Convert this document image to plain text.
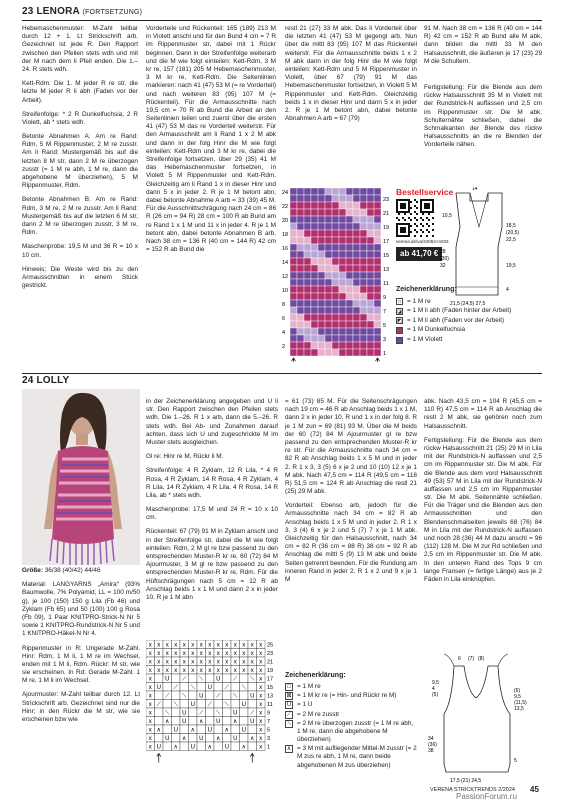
23 LENORA (FORTSETZUNG)

Hebemaschenmuster: M-Zahl teilbar durch 12 + 1. Lt Strickschrift arb. Gezeichnet ist jede R. Den Rapport zwischen den Pfeilen stets wdh und mit der M nach dem li Pfeil enden. Die 1.–24. R stets wdh.

Kett-Rdm: Die 1. M jeder R re str. die letzte M jeder R li abh (Faden vor der Arbeit).

Streifenfolge: * 2 R Dunkelfuchsia, 2 R Violett, ab * stets wdh.

Betonte Abnahmen A: Am re Rand: Rdm, 5 M Rippenmuster, 2 M re zusstr. Am li Rand: Mustergemäß bis auf die letzten 8 M str, dann 2 M re überzogen zusstr (= 1 M re abh, 1 M re, dann die abgehobene M überziehen), 5 M Rippenmuster, Rdm.

Betonte Abnahmen B: Am re Rand: Rdm, 3 M re, 2 M re zusstr. Am li Rand: Mustergemäß bis auf die letzten 6 M str, dann 2 M re überzogen zusstr, 3 M re, Rdm.

Maschenprobe: 19,5 M und 36 R = 10 x 10 cm.

Hinweis: Die Weste wird bis zu den Armausschnitten in einem Stück gestrickt.

Vorderteile und Rückenteil: 165 (189) 213 M in Violett anschl und für den Bund 4 cm = 7 R im Rippenmuster str, dabei mit 1 Rückr beginnen. Dann in der Streifenfolge weiterarb und die M wie folgt einteilen: Kett-Rdm, 3 M kr re, 157 (181) 205 M Hebemaschenmuster, 3 M kr re, Kett-Rdm. Die Seitenlinien markieren: nach 41 (47) 53 M (= re Vorderteil) und nach weiteren 83 (95) 107 M (= Rückenteil). Für die Armausschnitte nach 19,5 cm = 70 R ab Bund die Arbeit an den Seitenlinien teilen und zuerst über die ersten 41 (47) 53 M das re Vorderteil weiterstr. Für den Armausschnitt am li Rand 1 x 2 M abk und dann in der folg Hinr die M wie folgt einteilen: Kett-Rdm und 3 M kr re, dabei die Streifenfolge fortsetzen, über 29 (35) 41 M das Hebemaschenmuster fortsetzen, in Violett 5 M Rippenmuster und Kett-Rdm. Gleichzeitig am li Rand 1 x in dieser Hinr und dann 5 x in jeder 2. R je 1 M betont abn, dabei betonte Abnahme A arb = 33 (39) 45 M. Für die Ausschnittschrägung nach 24 cm = 86 R (26 cm = 94 R) 28 cm = 100 R ab Bund am re Rand 1 x 1 M und 11 x in jeder 4. R je 1 M betont abn, dabei betonte Abnahmen B arb. Nach 38 cm = 136 R (40 cm = 144 R) 42 cm = 152 R ab Bund die

restl 21 (27) 33 M abk. Das li Vorderteil über die letzten 41 (47) 53 M gegengl arb. Nun über die mittl 83 (95) 107 M das Rückenteil weiterstr. Für die Armausschnitte beids 1 x 2 M abk dann in der folg Hinr die M wie folgt einteilen: Kett-Rdm und 5 M Rippenmuster in Violett, über 67 (79) 91 M das Hebemaschenmuster fortsetzen, in Violett 5 M Rippenmuster und Kett-Rdm. Gleichzeitig beids 1 x in dieser Hinr und dann 5 x in jeder 2. R je 1 M betont abn, dabei betonte Abnahmen A arb = 67 (79)

91 M. Nach 38 cm = 136 R (40 cm = 144 R) 42 cm = 152 R ab Bund alle M abk, dann bilden die mittl 33 M den Halsausschnitt, die äußeren je 17 (23) 29 M die Schultern.

Fertigstellung: Für die Blende aus dem rückw Halsausschnitt 35 M in Violett mit der Rundstrick-N auffassen und 2,5 cm im Rippenmuster str. Die M abk. Schulternähte schließen, dabei die Schmalkanten der Blende des rückw Halsausschnitts an die re Blenden der Vorderteile nähen.

24
23
22
21
20
19
18
17
16
15
14
13
12
11
10
9
8
7
6
5
4
3
2
1
Bestellservice
verena.de/va/34063-m033
ab 41,70 €
14
18,5
(20,5)
22,5
28
(30)
32	19,5
21,5 (24,5) 27,5
4
10,5
Zeichenerklärung:
□ = 1 M re
◪ = 1 M li abh (Faden hinter der Arbeit)
◩ = 1 M li abh (Faden vor der Arbeit)
= 1 M Dunkelfuchsia
= 1 M Violett
24 LOLLY

Größe: 36/38 (40/42) 44/46

Material: LANGYARNS „Amira“ (93% Baumwolle, 7% Polyamid, LL = 100 m/50 g), je 100 (150) 150 g Lila (Fb 46) und Zyklam (Fb 65) und 50 (100) 100 g Rosa (Fb 09), 1 Paar KNITPRO-Strick-N Nr 5 sowie 1 KNITPRO-Rundstrick-N Nr 5 und 1 KNITPRO-Häkel-N Nr 4.

Rippenmuster in R: Ungerade M-Zahl. Hinr: Rdm, 1 M li, 1 M re im Wechsel, enden mit 1 M li, Rdm. Rückr: M str, wie sie erscheinen. In Rd: Gerade M-Zahl. 1 M re, 1 M li im Wechsel.

Ajourmuster: M-Zahl teilbar durch 12. Lt Strickschrift arb. Gezeichnet sind nur die Hinr; in den Rückr die M str, wie sie erscheinen bzw wie

in der Zeichenerklärung angegeben und U li str. Den Rapport zwischen den Pfeilen stets wdh. Die 1.–26. R 1 x arb, dann die 5.–26. R stets wdh. Bei Ab- und Zunahmen darauf achten, dass sich U und zugeschrickte M im Muster stets ausgleichen.

Gl re: Hinr re M, Rückr li M.

Streifenfolge: 4 R Zyklam, 12 R Lila, * 4 R Rosa, 4 R Zyklam, 14 R Rosa, 4 R Zyklam, 4 R Lila, 14 R Zyklam, 4 R Lila, 4 R Rosa, 14 R Lila, ab * stets wdh.

Maschenprobe: 17,5 M und 24 R = 10 x 10 cm.

Rückenteil: 67 (79) 91 M in Zyklam anschl und in der Streifenfolge str, dabei die M wie folgt einteilen: Rdm, 2 M gl re bzw passend zu den entsprechenden Muster-R kr re, 60 (72) 84 M Ajourmuster, 3 M gl re bzw passend zu den entsprechenden Muster-R kr re, Rdm. Für die Hüftschrägungen nach 5 cm = 12 R ab Anschlag beids 1 x 1 M und dann 2 x in jeder 10. R je 1 M abn

x x x x x x x x x x x x x x 25
x x x x x x x x x x x x x x 23
x x x x x x x x x x x x x x 21
x x x x x x x x x x x x x x 19
x U ⟋ ⟍ U ⟋ ⟍ x 17
x U ⟋ ⟍ U ⟋ ⟍ x 15
x ⟋ ⟍ U ⟋ ⟍ U x 13
x ⟋ ⟍ U ⟋ ⟍ U x 11
x ⟍ U ⟋ ⟍ U ⟋ x 9
x ∧ U ∧ U ∧ U x 7
x ∧ U ∧ U ∧ U x 5
x U ∧ U ∧ U ∧ x 3
x U ∧ U ∧ U ∧ x 1

= 61 (73) 85 M. Für die Seitenschrägungen nach 19 cm = 46 R ab Anschlag beids 1 x 1 M, dann 2 x in jeder 10. R und 1 x in der folg 8. R je 1 M zun = 69 (81) 93 M. Über die M beids der 60 (72) 84 M Ajourmuster gl re bzw passend zu den entsprechenden Muster-R kr re str. Für die Armausschnitte nach 34 cm = 82 R ab Anschlag beids 1 x 5 M und in jeder 2. R 1 x 3, 3 (5) 6 x je 2 und 10 (10) 12 x je 1 M abk. Nach 47,5 cm = 114 R (49,5 cm = 118 R) 51,5 cm = 124 R ab Anschlag die restl 21 (25) 29 M abk.

Vorderteil: Ebenso arb, jedoch für die Armausschnitte nach 34 cm = 82 R ab Anschlag beids 1 x 5 M und in jeder 2. R 1 x 3, 3 (4) 6 x je 2 und 5 (7) 7 x je 1 M abk. Gleichzeitig für den Halsausschnitt, nach 34 cm = 82 R (36 cm = 88 R) 38 cm = 92 R ab Anschlag die mittl 5 (9) 13 M abk und beide Seiten getrennt beenden. Für die Rundung am inneren Rand in jeder 2. R 1 x 2 und 9 x je 1 M

Zeichenerklärung:
□ = 1 M re
⊠ = 1 M kr re (= Hin- und Rückr re M)
U = 1 U
⟋ = 2 M re zusstr
⟍ = 2 M re überzogen zusstr (= 1 M re abh, 1 M re, dann die abgehobene M überziehen)
∧ = 3 M mit aufliegender Mittel-M zusstr (= 2 M zus re abh, 1 M re, dann beide abgehobenen M zus überziehen)

abk. Nach 43,5 cm = 104 R (45,5 cm = 110 R) 47,5 cm = 114 R ab Anschlag die restl 2 M abk, sie gehören noch zum Halsausschnitt.

Fertigstellung: Für die Blende aus dem rückw Halsausschnitt 21 (25) 29 M in Lila mit der Rundstrick-N auffassen und 2,5 cm im Rippenmuster str. Die M abk. Für die Blende aus dem vord Halsausschnitt 49 (53) 57 M in Lila mit der Rundstrick-N auffassen und 2,5 cm im Rippenmuster str. Die M abk. Seitennähte schließen. Für die Träger und die Blenden aus den Armausschnitten und den Blendenschmalseiten jeweils 68 (76) 84 M in Lila mit der Rundstrick-N auffassen und noch 28 (36) 44 M dazu anschl = 96 (112) 128 M. Die M zur Rd schließen und 2,5 cm im Rippenmuster str. Die M abk. In den unteren Rand des Tops 9 cm lange Fransen (= fertige Länge) aus je 2 Fäden in Lila einknüpfen.

6 (7) (8)
9,5
4
(5)
(6)
9,5
(11,5)
13,5
34
(36)
38
5
17,5 (21) 24,5
VERENA STRICKTRENDS 2/2024 45
PassionForum.ru
